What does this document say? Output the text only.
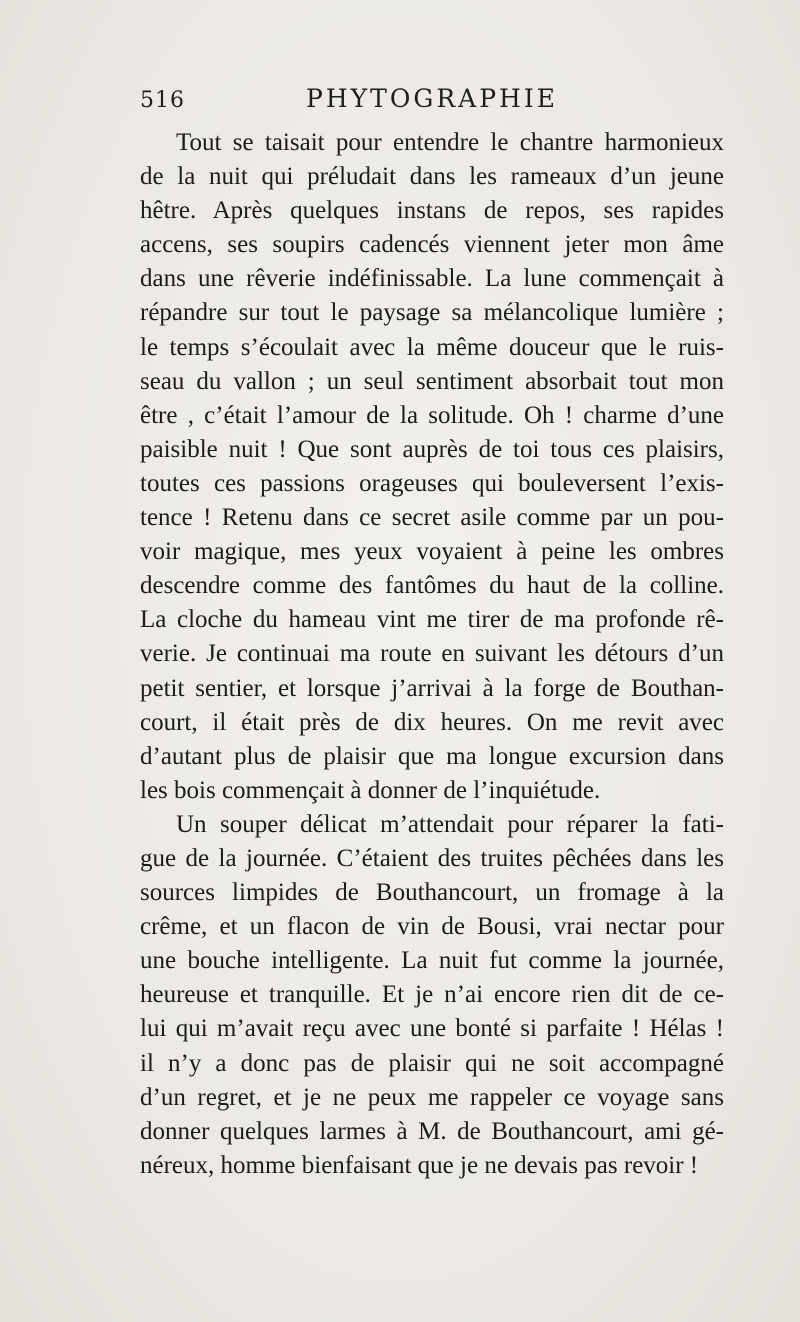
516	PHYTOGRAPHIE
Tout se taisait pour entendre le chantre harmonieux
de la nuit qui préludait dans les rameaux d’un jeune
hêtre. Après quelques instans de repos, ses rapides
accens, ses soupirs cadencés viennent jeter mon âme
dans une rêverie indéfinissable. La lune commençait à
répandre sur tout le paysage sa mélancolique lumière ;
le temps s’écoulait avec la même douceur que le ruis-
seau du vallon ; un seul sentiment absorbait tout mon
être , c’était l’amour de la solitude. Oh ! charme d’une
paisible nuit ! Que sont auprès de toi tous ces plaisirs,
toutes ces passions orageuses qui bouleversent l’exis-
tence ! Retenu dans ce secret asile comme par un pou-
voir magique, mes yeux voyaient à peine les ombres
descendre comme des fantômes du haut de la colline.
La cloche du hameau vint me tirer de ma profonde rê-
verie. Je continuai ma route en suivant les détours d’un
petit sentier, et lorsque j’arrivai à la forge de Bouthan-
court, il était près de dix heures. On me revit avec
d’autant plus de plaisir que ma longue excursion dans
les bois commençait à donner de l’inquiétude.
Un souper délicat m’attendait pour réparer la fati-
gue de la journée. C’étaient des truites pêchées dans les
sources limpides de Bouthancourt, un fromage à la
crême, et un flacon de vin de Bousi, vrai nectar pour
une bouche intelligente. La nuit fut comme la journée,
heureuse et tranquille. Et je n’ai encore rien dit de ce-
lui qui m’avait reçu avec une bonté si parfaite ! Hélas !
il n’y a donc pas de plaisir qui ne soit accompagné
d’un regret, et je ne peux me rappeler ce voyage sans
donner quelques larmes à M. de Bouthancourt, ami gé-
néreux, homme bienfaisant que je ne devais pas revoir !
